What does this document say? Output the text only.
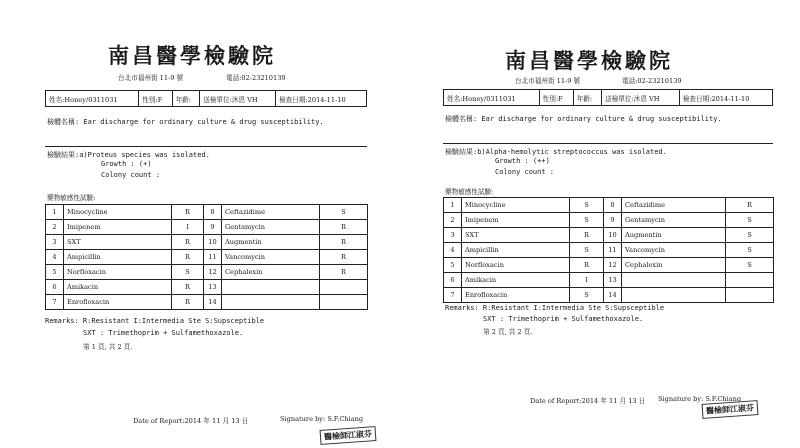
南昌醫學檢驗院
台北市福州街 11-9 號	電話:02-23210139
姓名:Honey/0311031	性別:F	年齡:	送檢單位:沐恩 VH	檢查日期:2014-11-10
檢體名稱: Ear discharge for ordinary culture & drug susceptibility.
檢驗結果:a)Proteus species was isolated.
Growth : (+)
Colony count :
藥物敏感性試驗:
1	Minocycline	R	8	Ceftazidime	S
2	Imipenem	I	9	Gentamycin	R
3	SXT	R	10	Augmentin	R
4	Ampicillin	R	11	Vancomycin	R
5	Norfloxacin	S	12	Cephalexin	R
6	Amikacin	R	13		
7	Enrofloxacin	R	14		
Remarks: R:Resistant I:Intermedia Ste S:Supsceptible
SXT : Trimethoprim + Sulfamethoxazole.
第 1 頁, 共 2 頁.
Date of Report:2014 年 11 月 13 日	Signature by: S.F.Chiang
醫檢師江淑芬
南昌醫學檢驗院
台北市福州街 11-9 號	電話:02-23210139
姓名:Honey/0311031	性別:F	年齡:	送檢單位:沐恩 VH	檢查日期:2014-11-10
檢體名稱: Ear discharge for ordinary culture & drug susceptibility.
檢驗結果:b)Alpha-hemolytic streptococcus was isolated.
Growth : (++)
Colony count :
藥物敏感性試驗:
1	Minocycline	S	8	Ceftazidime	R
2	Imipenem	S	9	Gentamycin	S
3	SXT	R	10	Augmentin	S
4	Ampicillin	S	11	Vancomycin	S
5	Norfloxacin	R	12	Cephalexin	S
6	Amikacin	I	13		
7	Enrofloxacin	S	14		
Remarks: R:Resistant I:Intermedia Ste S:Supsceptible
SXT : Trimethoprim + Sulfamethoxazole.
第 2 頁, 共 2 頁.
Date of Report:2014 年 11 月 13 日 Signature by: S.F.Chiang
醫檢師江淑芬
